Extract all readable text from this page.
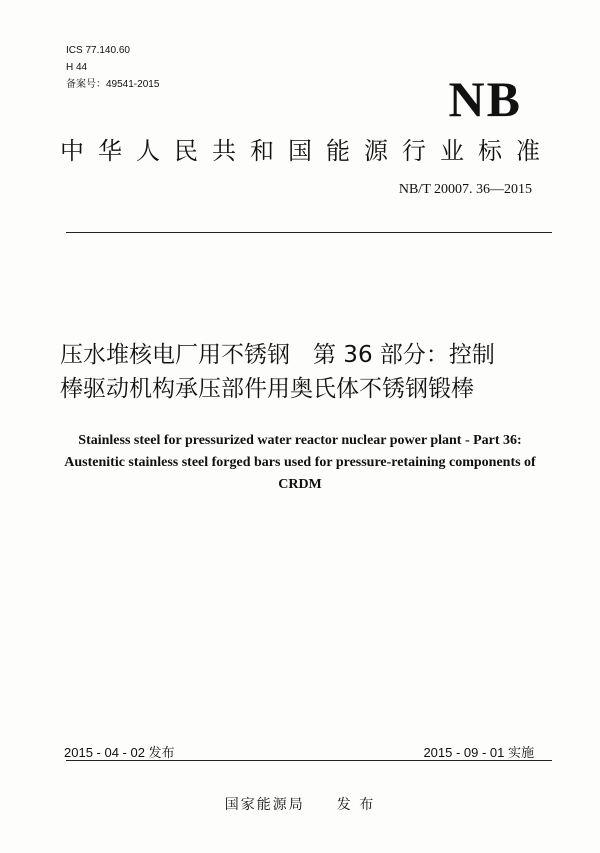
ICS 77.140.60
H 44
备案号：49541-2015	NB
中 华 人 民 共 和 国 能 源 行 业 标 准
NB/T 20007. 36—2015
压水堆核电厂用不锈钢　第 36 部分：控制
棒驱动机构承压部件用奥氏体不锈钢锻棒
Stainless steel for pressurized water reactor nuclear power plant - Part 36:
Austenitic stainless steel forged bars used for pressure-retaining components of
CRDM
2015 - 04 - 02 发布	2015 - 09 - 01 实施
国家能源局　　发 布
